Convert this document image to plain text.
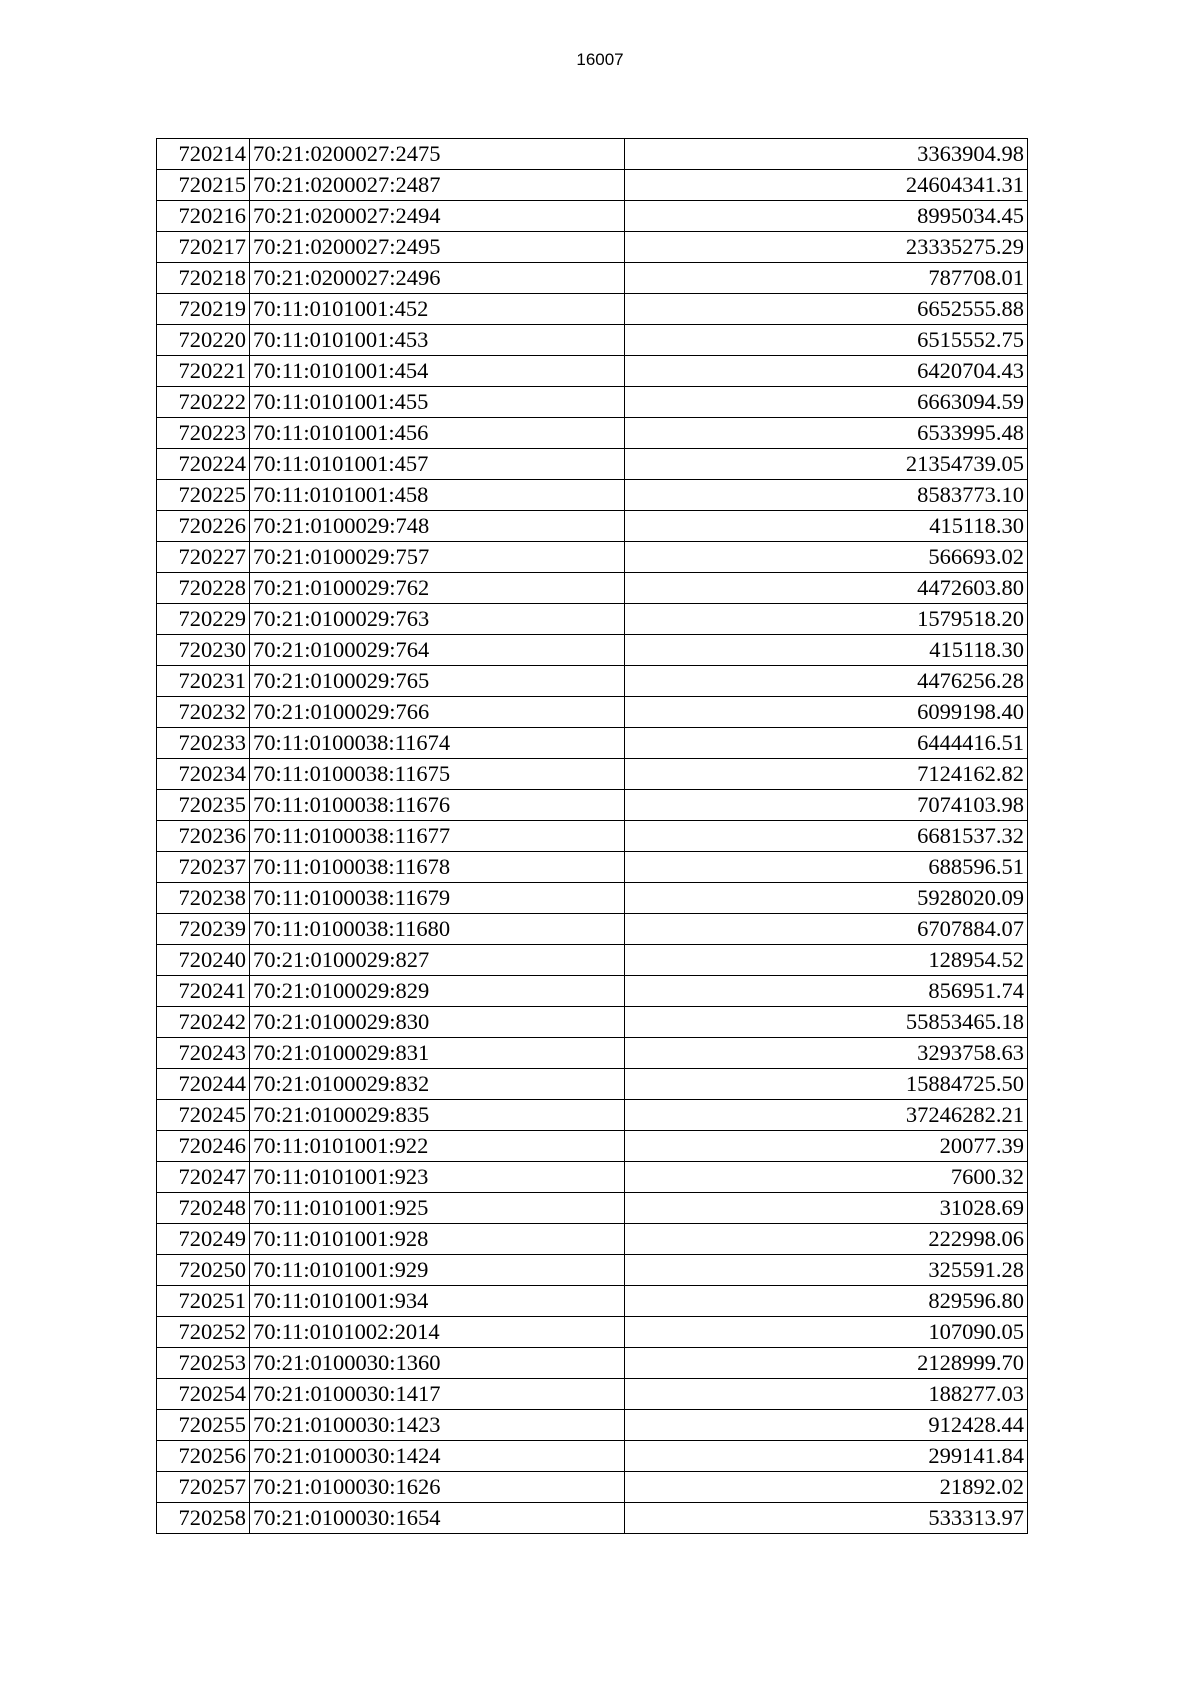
16007
720214	70:21:0200027:2475	3363904.98
720215	70:21:0200027:2487	24604341.31
720216	70:21:0200027:2494	8995034.45
720217	70:21:0200027:2495	23335275.29
720218	70:21:0200027:2496	787708.01
720219	70:11:0101001:452	6652555.88
720220	70:11:0101001:453	6515552.75
720221	70:11:0101001:454	6420704.43
720222	70:11:0101001:455	6663094.59
720223	70:11:0101001:456	6533995.48
720224	70:11:0101001:457	21354739.05
720225	70:11:0101001:458	8583773.10
720226	70:21:0100029:748	415118.30
720227	70:21:0100029:757	566693.02
720228	70:21:0100029:762	4472603.80
720229	70:21:0100029:763	1579518.20
720230	70:21:0100029:764	415118.30
720231	70:21:0100029:765	4476256.28
720232	70:21:0100029:766	6099198.40
720233	70:11:0100038:11674	6444416.51
720234	70:11:0100038:11675	7124162.82
720235	70:11:0100038:11676	7074103.98
720236	70:11:0100038:11677	6681537.32
720237	70:11:0100038:11678	688596.51
720238	70:11:0100038:11679	5928020.09
720239	70:11:0100038:11680	6707884.07
720240	70:21:0100029:827	128954.52
720241	70:21:0100029:829	856951.74
720242	70:21:0100029:830	55853465.18
720243	70:21:0100029:831	3293758.63
720244	70:21:0100029:832	15884725.50
720245	70:21:0100029:835	37246282.21
720246	70:11:0101001:922	20077.39
720247	70:11:0101001:923	7600.32
720248	70:11:0101001:925	31028.69
720249	70:11:0101001:928	222998.06
720250	70:11:0101001:929	325591.28
720251	70:11:0101001:934	829596.80
720252	70:11:0101002:2014	107090.05
720253	70:21:0100030:1360	2128999.70
720254	70:21:0100030:1417	188277.03
720255	70:21:0100030:1423	912428.44
720256	70:21:0100030:1424	299141.84
720257	70:21:0100030:1626	21892.02
720258	70:21:0100030:1654	533313.97
